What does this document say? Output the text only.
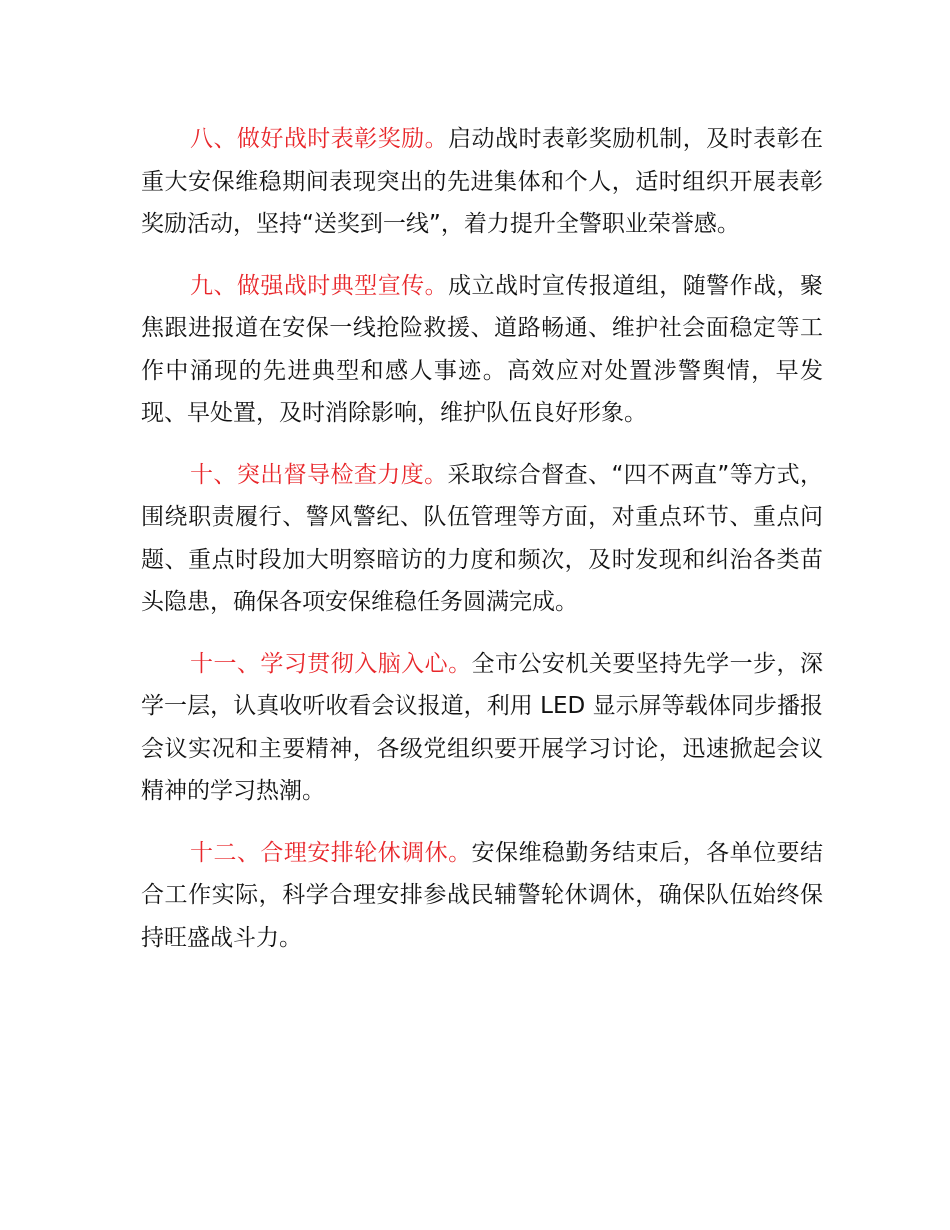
八、做好战时表彰奖励。启动战时表彰奖励机制，及时表彰在重大安保维稳期间表现突出的先进集体和个人，适时组织开展表彰奖励活动，坚持“送奖到一线”，着力提升全警职业荣誉感。

九、做强战时典型宣传。成立战时宣传报道组，随警作战，聚焦跟进报道在安保一线抢险救援、道路畅通、维护社会面稳定等工作中涌现的先进典型和感人事迹。高效应对处置涉警舆情，早发现、早处置，及时消除影响，维护队伍良好形象。

十、突出督导检查力度。采取综合督查、“四不两直”等方式，围绕职责履行、警风警纪、队伍管理等方面，对重点环节、重点问题、重点时段加大明察暗访的力度和频次，及时发现和纠治各类苗头隐患，确保各项安保维稳任务圆满完成。

十一、学习贯彻入脑入心。全市公安机关要坚持先学一步，深学一层，认真收听收看会议报道，利用 LED 显示屏等载体同步播报会议实况和主要精神，各级党组织要开展学习讨论，迅速掀起会议精神的学习热潮。

十二、合理安排轮休调休。安保维稳勤务结束后，各单位要结合工作实际，科学合理安排参战民辅警轮休调休，确保队伍始终保持旺盛战斗力。
